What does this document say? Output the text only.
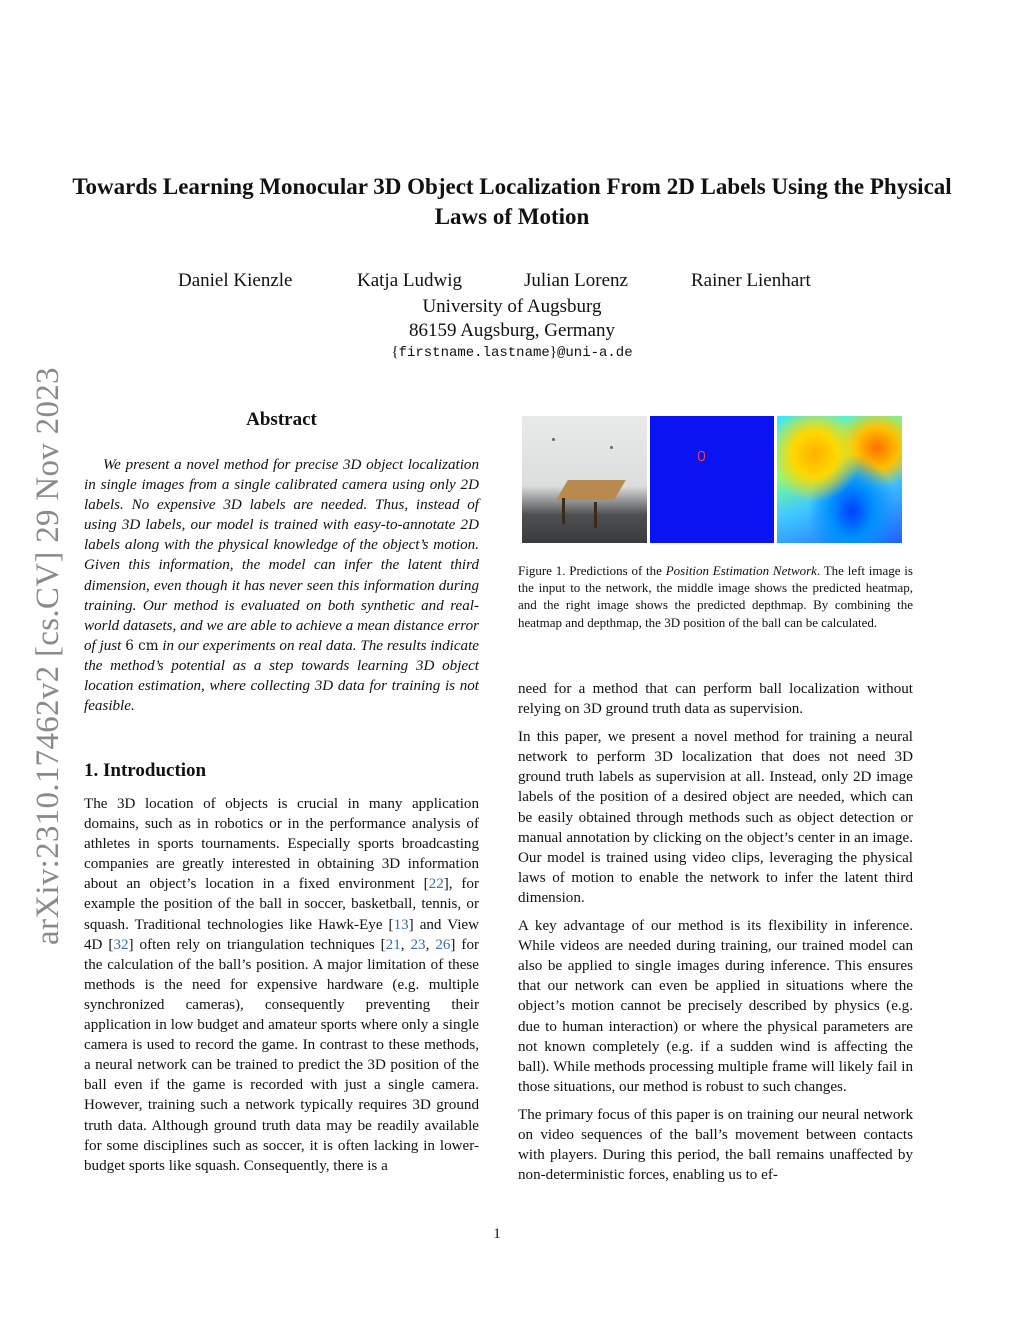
arXiv:2310.17462v2 [cs.CV] 29 Nov 2023
Towards Learning Monocular 3D Object Localization From 2D Labels Using the Physical Laws of Motion
Daniel Kienzle	Katja Ludwig	Julian Lorenz	Rainer Lienhart
University of Augsburg
86159 Augsburg, Germany
{firstname.lastname}@uni-a.de
Abstract

We present a novel method for precise 3D object localization in single images from a single calibrated camera using only 2D labels. No expensive 3D labels are needed. Thus, instead of using 3D labels, our model is trained with easy-to-annotate 2D labels along with the physical knowledge of the object’s motion. Given this information, the model can infer the latent third dimension, even though it has never seen this information during training. Our method is evaluated on both synthetic and real-world datasets, and we are able to achieve a mean distance error of just 6 cm in our experiments on real data. The results indicate the method’s potential as a step towards learning 3D object location estimation, where collecting 3D data for training is not feasible.

1. Introduction

The 3D location of objects is crucial in many application domains, such as in robotics or in the performance analysis of athletes in sports tournaments. Especially sports broadcasting companies are greatly interested in obtaining 3D information about an object’s location in a fixed environment [22], for example the position of the ball in soccer, basketball, tennis, or squash. Traditional technologies like Hawk-Eye [13] and View 4D [32] often rely on triangulation techniques [21, 23, 26] for the calculation of the ball’s position. A major limitation of these methods is the need for expensive hardware (e.g. multiple synchronized cameras), consequently preventing their application in low budget and amateur sports where only a single camera is used to record the game. In contrast to these methods, a neural network can be trained to predict the 3D position of the ball even if the game is recorded with just a single camera. However, training such a network typically requires 3D ground truth data. Although ground truth data may be readily available for some disciplines such as soccer, it is often lacking in lower-budget sports like squash. Consequently, there is a

Figure 1. Predictions of the Position Estimation Network. The left image is the input to the network, the middle image shows the predicted heatmap, and the right image shows the predicted depthmap. By combining the heatmap and depthmap, the 3D position of the ball can be calculated.

need for a method that can perform ball localization without relying on 3D ground truth data as supervision.

In this paper, we present a novel method for training a neural network to perform 3D localization that does not need 3D ground truth labels as supervision at all. Instead, only 2D image labels of the position of a desired object are needed, which can be easily obtained through methods such as object detection or manual annotation by clicking on the object’s center in an image. Our model is trained using video clips, leveraging the physical laws of motion to enable the network to infer the latent third dimension.

A key advantage of our method is its flexibility in inference. While videos are needed during training, our trained model can also be applied to single images during inference. This ensures that our network can even be applied in situations where the object’s motion cannot be precisely described by physics (e.g. due to human interaction) or where the physical parameters are not known completely (e.g. if a sudden wind is affecting the ball). While methods processing multiple frame will likely fail in those situations, our method is robust to such changes.

The primary focus of this paper is on training our neural network on video sequences of the ball’s movement between contacts with players. During this period, the ball remains unaffected by non-deterministic forces, enabling us to ef-

1
